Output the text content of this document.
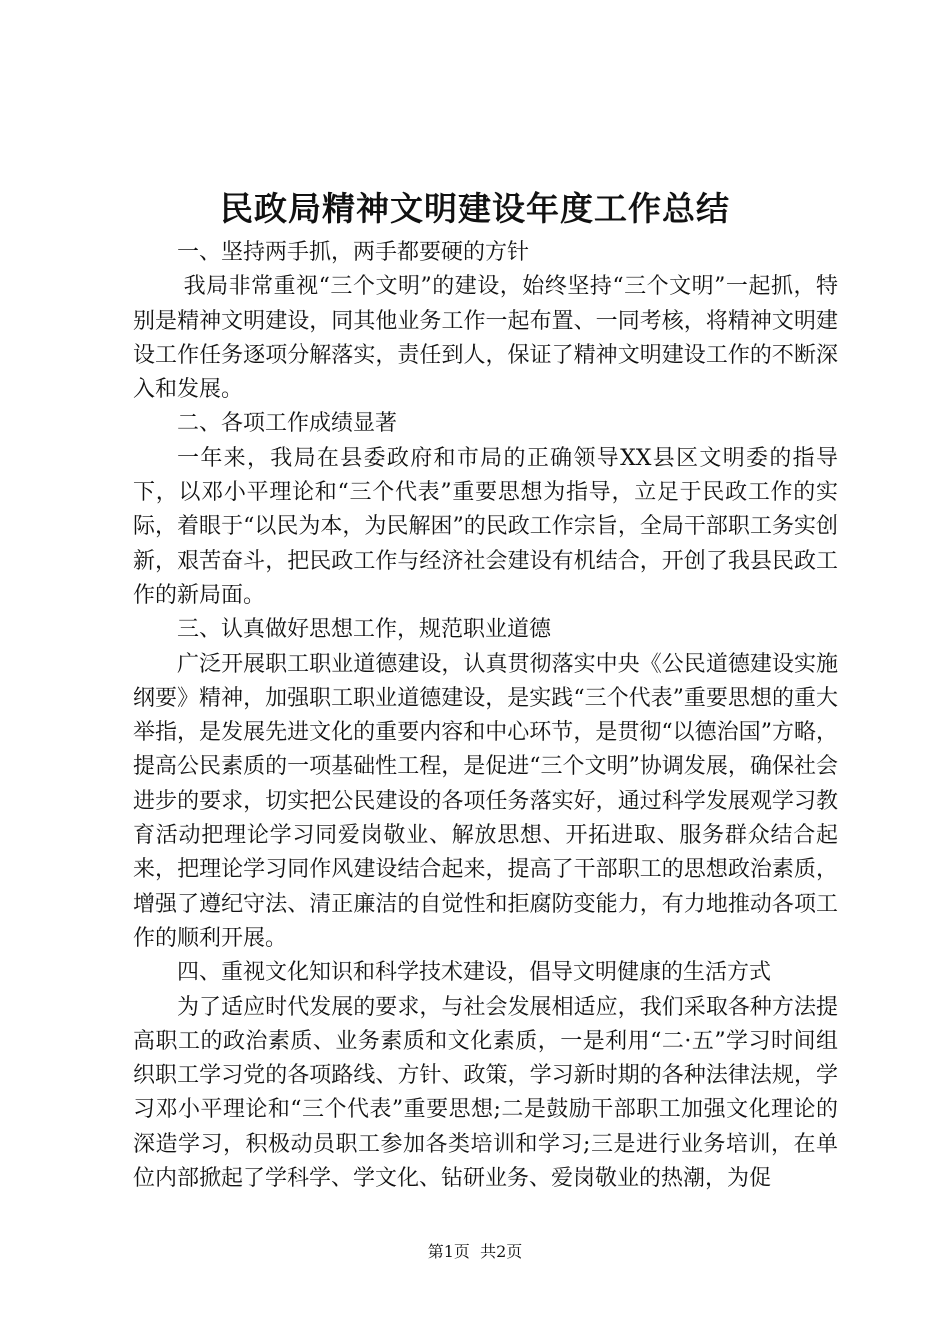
民政局精神文明建设年度工作总结

一、坚持两手抓，两手都要硬的方针

我局非常重视“三个文明”的建设，始终坚持“三个文明”一起抓，特别是精神文明建设，同其他业务工作一起布置、一同考核，将精神文明建设工作任务逐项分解落实，责任到人，保证了精神文明建设工作的不断深入和发展。

二、各项工作成绩显著

一年来，我局在县委政府和市局的正确领导XX县区文明委的指导下，以邓小平理论和“三个代表”重要思想为指导，立足于民政工作的实际，着眼于“以民为本，为民解困”的民政工作宗旨，全局干部职工务实创新，艰苦奋斗，把民政工作与经济社会建设有机结合，开创了我县民政工作的新局面。

三、认真做好思想工作，规范职业道德

广泛开展职工职业道德建设，认真贯彻落实中央《公民道德建设实施纲要》精神，加强职工职业道德建设，是实践“三个代表”重要思想的重大举指，是发展先进文化的重要内容和中心环节，是贯彻“以德治国”方略，提高公民素质的一项基础性工程，是促进“三个文明”协调发展，确保社会进步的要求，切实把公民建设的各项任务落实好，通过科学发展观学习教育活动把理论学习同爱岗敬业、解放思想、开拓进取、服务群众结合起来，把理论学习同作风建设结合起来，提高了干部职工的思想政治素质，增强了遵纪守法、清正廉洁的自觉性和拒腐防变能力，有力地推动各项工作的顺利开展。

四、重视文化知识和科学技术建设，倡导文明健康的生活方式

为了适应时代发展的要求，与社会发展相适应，我们采取各种方法提高职工的政治素质、业务素质和文化素质，一是利用“二·五”学习时间组织职工学习党的各项路线、方针、政策，学习新时期的各种法律法规，学习邓小平理论和“三个代表”重要思想;二是鼓励干部职工加强文化理论的深造学习，积极动员职工参加各类培训和学习;三是进行业务培训，在单位内部掀起了学科学、学文化、钻研业务、爱岗敬业的热潮，为促

第1页 共2页
